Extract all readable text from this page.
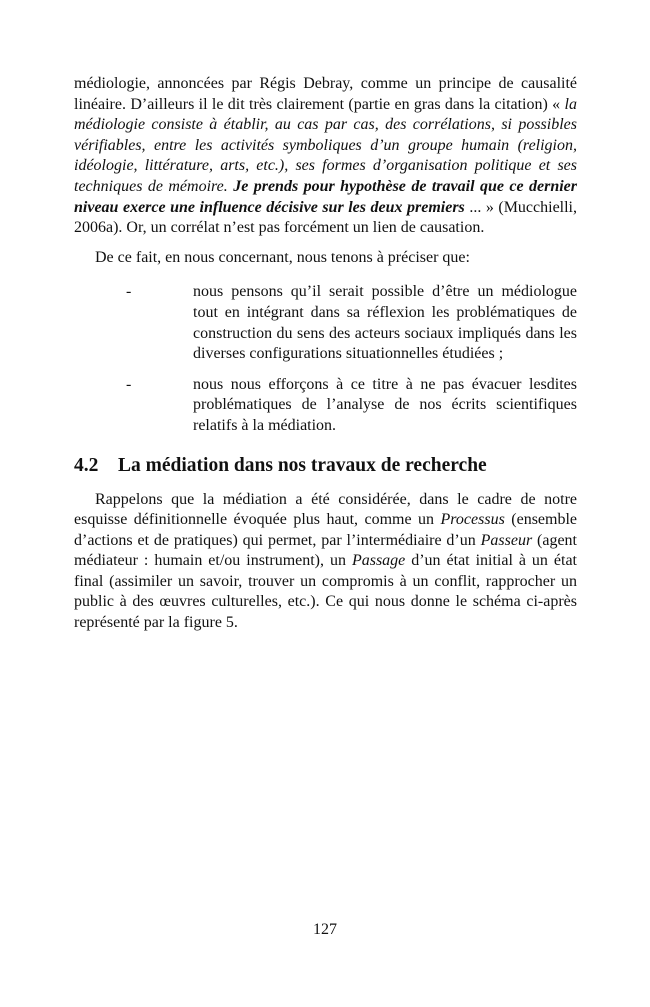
médiologie, annoncées par Régis Debray, comme un principe de causalité linéaire. D’ailleurs il le dit très clairement (partie en gras dans la citation) « la médiologie consiste à établir, au cas par cas, des corrélations, si possibles vérifiables, entre les activités symboliques d’un groupe humain (religion, idéologie, littérature, arts, etc.), ses formes d’organisation politique et ses techniques de mémoire. Je prends pour hypothèse de travail que ce dernier niveau exerce une influence décisive sur les deux premiers ... » (Mucchielli, 2006a). Or, un corrélat n’est pas forcément un lien de causation.

De ce fait, en nous concernant, nous tenons à préciser que:

-	nous pensons qu’il serait possible d’être un médiologue tout en intégrant dans sa réflexion les problématiques de construction du sens des acteurs sociaux impliqués dans les diverses configurations situationnelles étudiées ;

-	nous nous efforçons à ce titre à ne pas évacuer lesdites problématiques de l’analyse de nos écrits scientifiques relatifs à la médiation.

4.2	La médiation dans nos travaux de recherche

Rappelons que la médiation a été considérée, dans le cadre de notre esquisse définitionnelle évoquée plus haut, comme un Processus (ensemble d’actions et de pratiques) qui permet, par l’intermédiaire d’un Passeur (agent médiateur : humain et/ou instrument), un Passage d’un état initial à un état final (assimiler un savoir, trouver un compromis à un conflit, rapprocher un public à des œuvres culturelles, etc.). Ce qui nous donne le schéma ci-après représenté par la figure 5.

127
